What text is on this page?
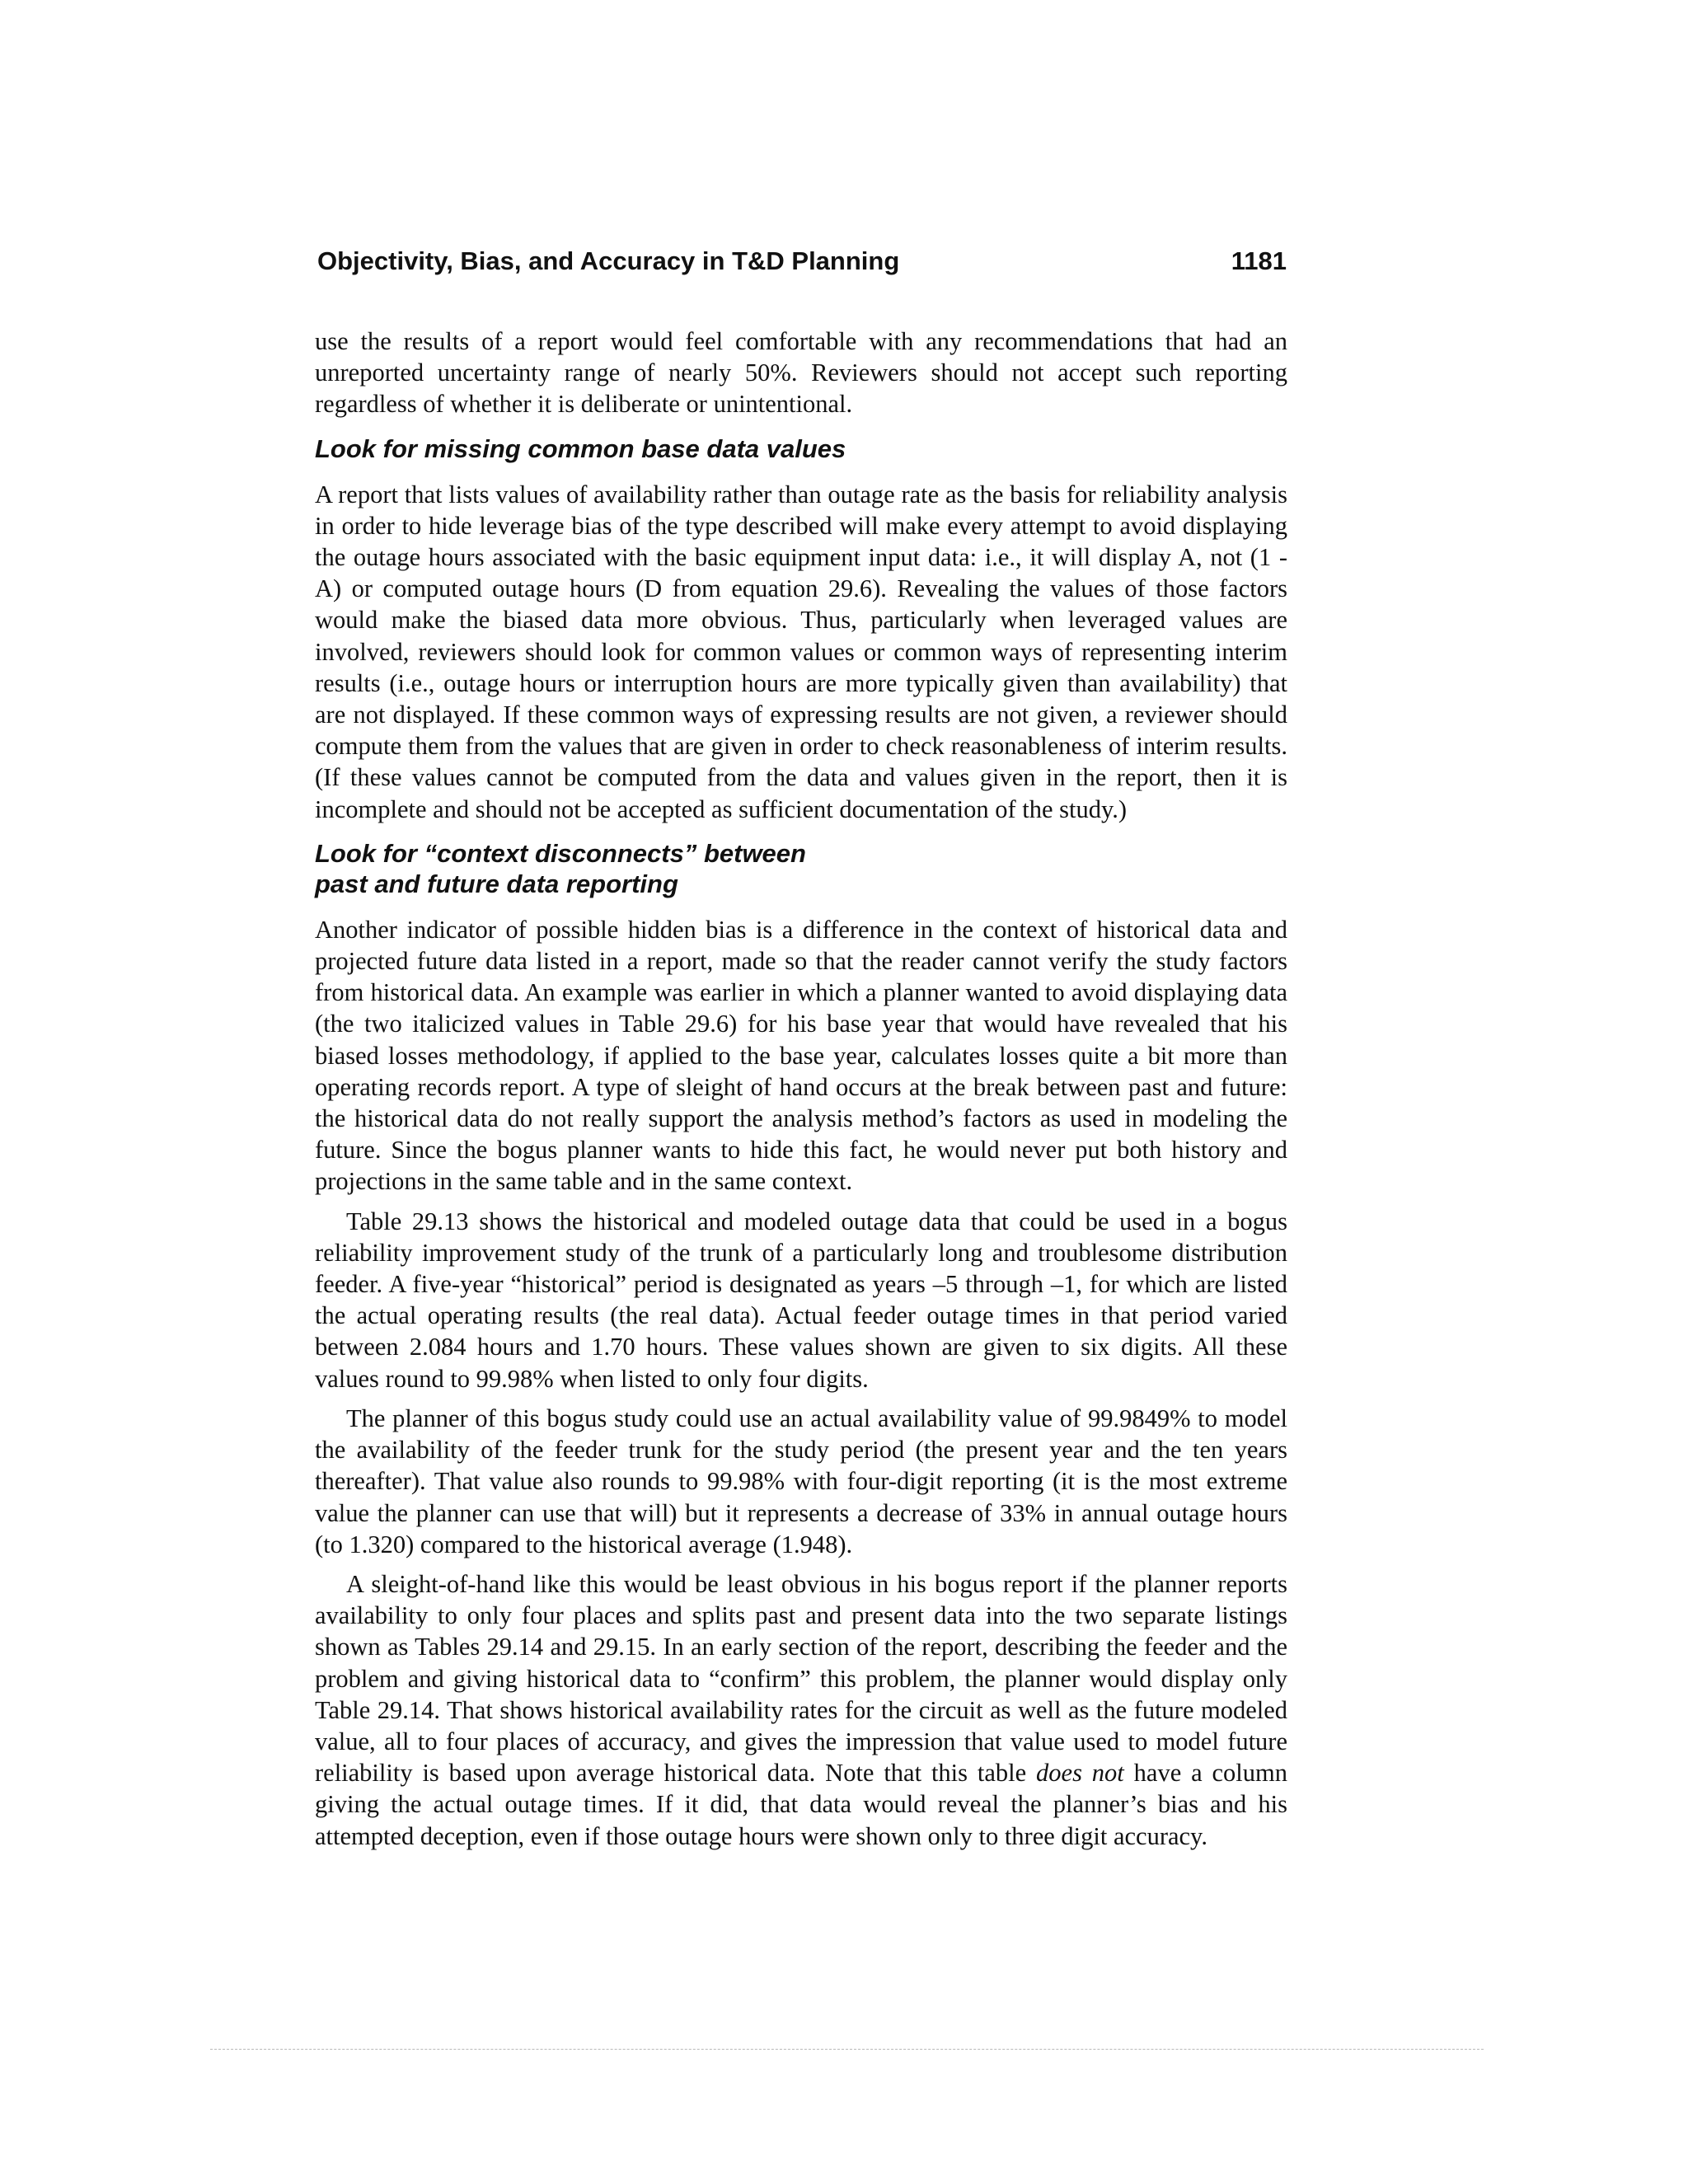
Objectivity, Bias, and Accuracy in T&D Planning	1181

use the results of a report would feel comfortable with any recommendations that had an unreported uncertainty range of nearly 50%. Reviewers should not accept such reporting regardless of whether it is deliberate or unintentional.

Look for missing common base data values

A report that lists values of availability rather than outage rate as the basis for reliability analysis in order to hide leverage bias of the type described will make every attempt to avoid displaying the outage hours associated with the basic equipment input data: i.e., it will display A, not (1 - A) or computed outage hours (D from equation 29.6). Revealing the values of those factors would make the biased data more obvious. Thus, particularly when leveraged values are involved, reviewers should look for common values or common ways of representing interim results (i.e., outage hours or interruption hours are more typically given than availability) that are not displayed. If these common ways of expressing results are not given, a reviewer should compute them from the values that are given in order to check reasonableness of interim results. (If these values cannot be computed from the data and values given in the report, then it is incomplete and should not be accepted as sufficient documentation of the study.)

Look for “context disconnects” between
past and future data reporting

Another indicator of possible hidden bias is a difference in the context of historical data and projected future data listed in a report, made so that the reader cannot verify the study factors from historical data. An example was earlier in which a planner wanted to avoid displaying data (the two italicized values in Table 29.6) for his base year that would have revealed that his biased losses methodology, if applied to the base year, calculates losses quite a bit more than operating records report. A type of sleight of hand occurs at the break between past and future: the historical data do not really support the analysis method’s factors as used in modeling the future. Since the bogus planner wants to hide this fact, he would never put both history and projections in the same table and in the same context.

Table 29.13 shows the historical and modeled outage data that could be used in a bogus reliability improvement study of the trunk of a particularly long and troublesome distribution feeder. A five-year “historical” period is designated as years –5 through –1, for which are listed the actual operating results (the real data). Actual feeder outage times in that period varied between 2.084 hours and 1.70 hours. These values shown are given to six digits. All these values round to 99.98% when listed to only four digits.

The planner of this bogus study could use an actual availability value of 99.9849% to model the availability of the feeder trunk for the study period (the present year and the ten years thereafter). That value also rounds to 99.98% with four-digit reporting (it is the most extreme value the planner can use that will) but it represents a decrease of 33% in annual outage hours (to 1.320) compared to the historical average (1.948).

A sleight-of-hand like this would be least obvious in his bogus report if the planner reports availability to only four places and splits past and present data into the two separate listings shown as Tables 29.14 and 29.15. In an early section of the report, describing the feeder and the problem and giving historical data to “confirm” this problem, the planner would display only Table 29.14. That shows historical availability rates for the circuit as well as the future modeled value, all to four places of accuracy, and gives the impression that value used to model future reliability is based upon average historical data. Note that this table does not have a column giving the actual outage times. If it did, that data would reveal the planner’s bias and his attempted deception, even if those outage hours were shown only to three digit accuracy.
